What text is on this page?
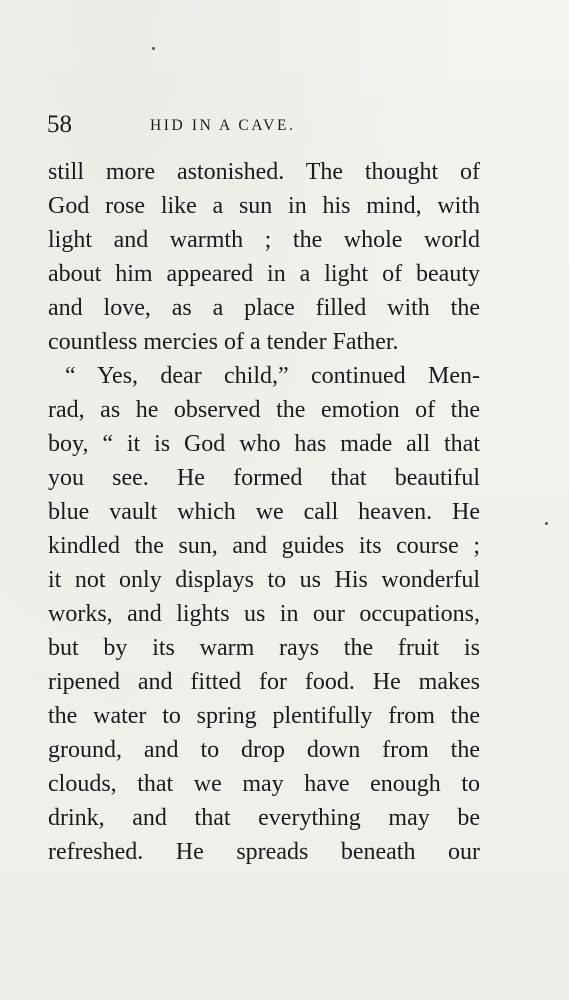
58	HID IN A CAVE.
still more astonished. The thought of
God rose like a sun in his mind, with
light and warmth ; the whole world
about him appeared in a light of beauty
and love, as a place filled with the
countless mercies of a tender Father.
“ Yes, dear child,” continued Men-
rad, as he observed the emotion of the
boy, “ it is God who has made all that
you see. He formed that beautiful
blue vault which we call heaven. He
kindled the sun, and guides its course ;
it not only displays to us His wonderful
works, and lights us in our occupations,
but by its warm rays the fruit is
ripened and fitted for food. He makes
the water to spring plentifully from the
ground, and to drop down from the
clouds, that we may have enough to
drink, and that everything may be
refreshed. He spreads beneath our
